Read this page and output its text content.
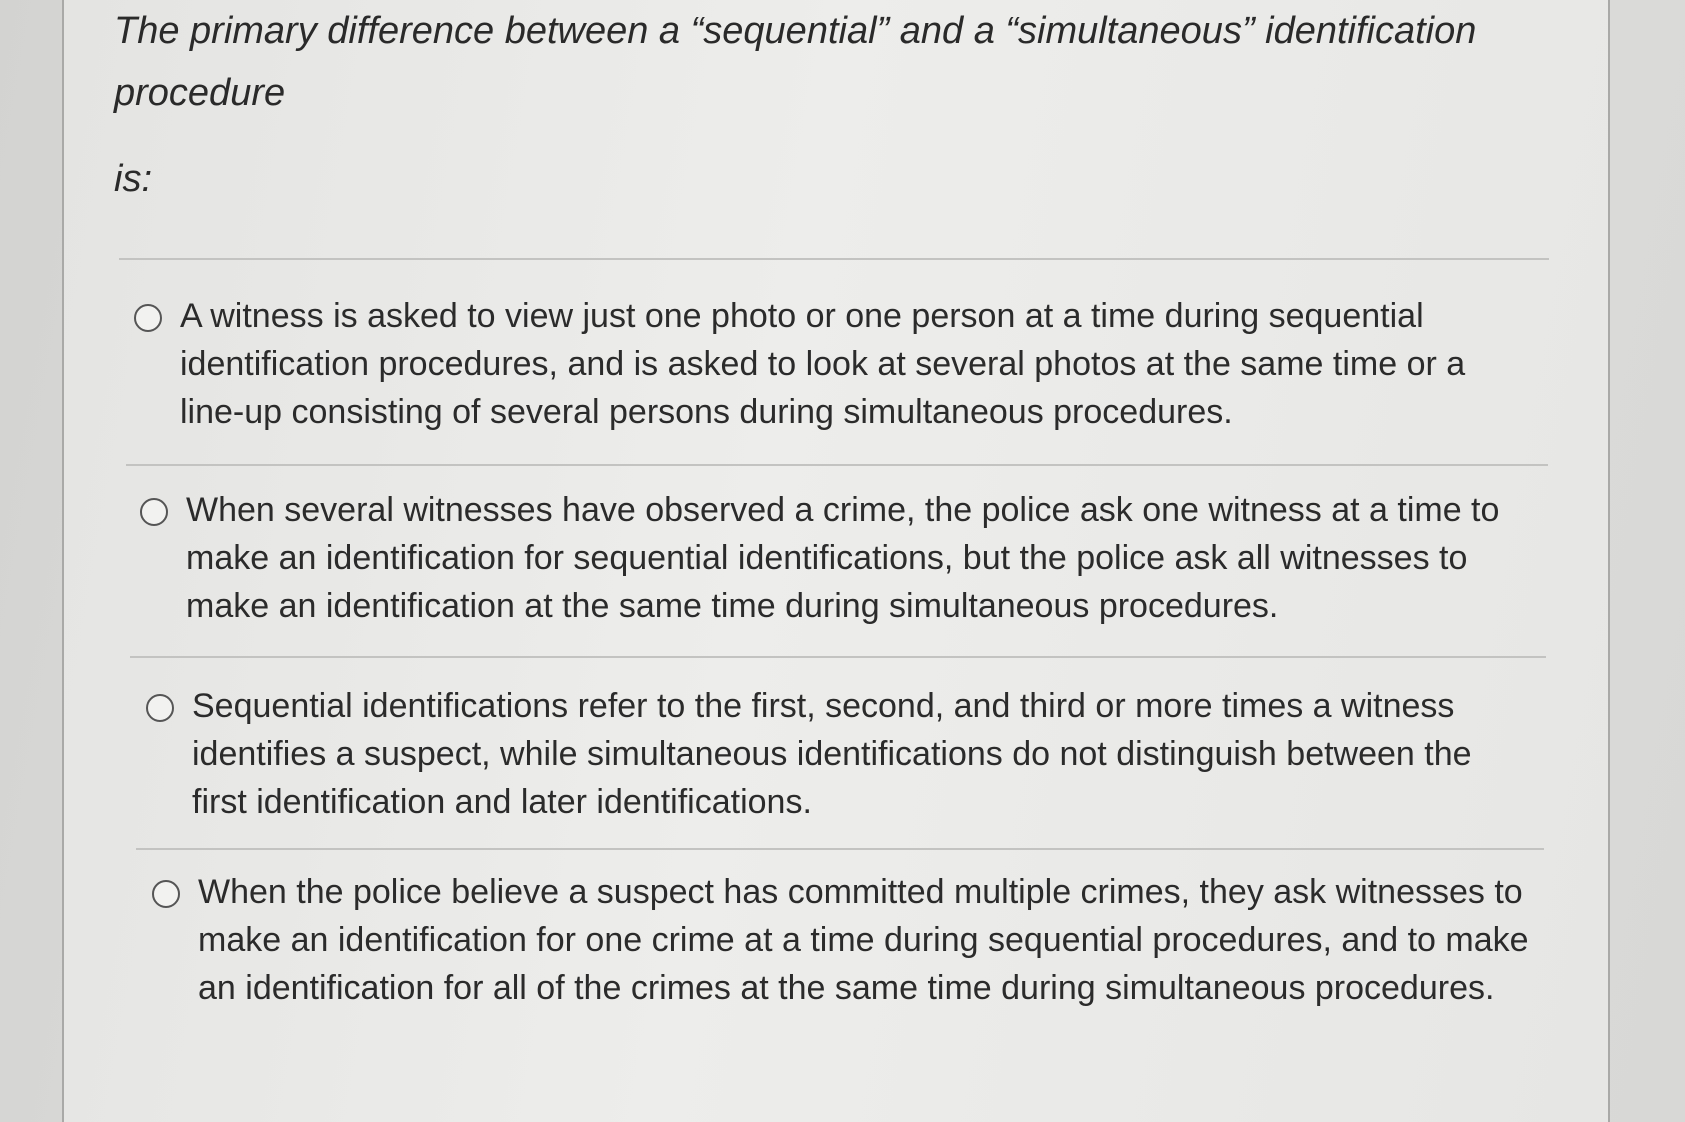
The primary difference between a “sequential” and a “simultaneous” identification
procedure
is:
A witness is asked to view just one photo or one person at a time during sequential identification procedures, and is asked to look at several photos at the same time or a line-up consisting of several persons during simultaneous procedures.
When several witnesses have observed a crime, the police ask one witness at a time to make an identification for sequential identifications, but the police ask all witnesses to make an identification at the same time during simultaneous procedures.
Sequential identifications refer to the first, second, and third or more times a witness identifies a suspect, while simultaneous identifications do not distinguish between the first identification and later identifications.
When the police believe a suspect has committed multiple crimes, they ask witnesses to make an identification for one crime at a time during sequential procedures, and to make an identification for all of the crimes at the same time during simultaneous procedures.
